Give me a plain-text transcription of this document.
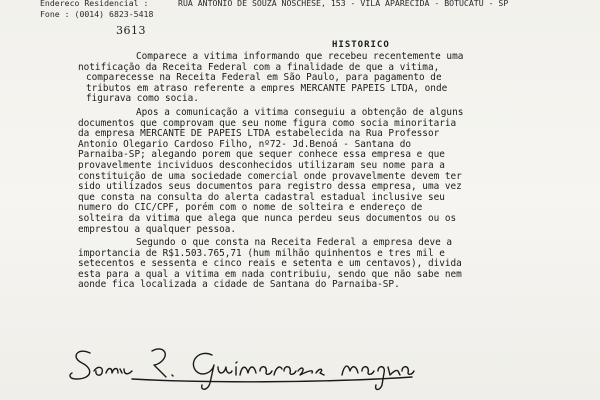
Endereco Residencial :	RUA ANTONIO DE SOUZA NOSCHESE, 153 - VILA APARECIDA - BOTUCATU - SP
Fone : (0014) 6823-5418
3613
HISTORICO
Comparece a vitima informando que recebeu recentemente uma
notificação da Receita Federal com a finalidade de que a vitima,
comparecesse na Receita Federal em São Paulo, para pagamento de
tributos em atraso referente a empres MERCANTE PAPEIS LTDA, onde
figurava como socia.
Apos a comunicação a vitima conseguiu a obtenção de alguns
documentos que comprovam que seu nome figura como socia minoritaria
da empresa MERCANTE DE PAPEIS LTDA estabelecida na Rua Professor
Antonio Olegario Cardoso Filho, nº72- Jd.Benoá - Santana do
Parnaiba-SP; alegando porem que sequer conhece essa empresa e que
provavelmente incividuos desconhecidos utilizaram seu nome para a
constituição de uma sociedade comercial onde provavelmente devem ter
sido utilizados seus documentos para registro dessa empresa, uma vez
que consta na consulta do alerta cadastral estadual inclusive seu
numero do CIC/CPF, porém com o nome de solteira e endereço de
solteira da vitima que alega que nunca perdeu seus documentos ou os
emprestou a qualquer pessoa.
Segundo o que consta na Receita Federal a empresa deve a
importancia de R$1.503.765,71 (hum milhão quinhentos e tres mil e
setecentos e sessenta e cinco reais e setenta e um centavos), divida
esta para a qual a vitima em nada contribuiu, sendo que não sabe nem
aonde fica localizada a cidade de Santana do Parnaiba-SP.
